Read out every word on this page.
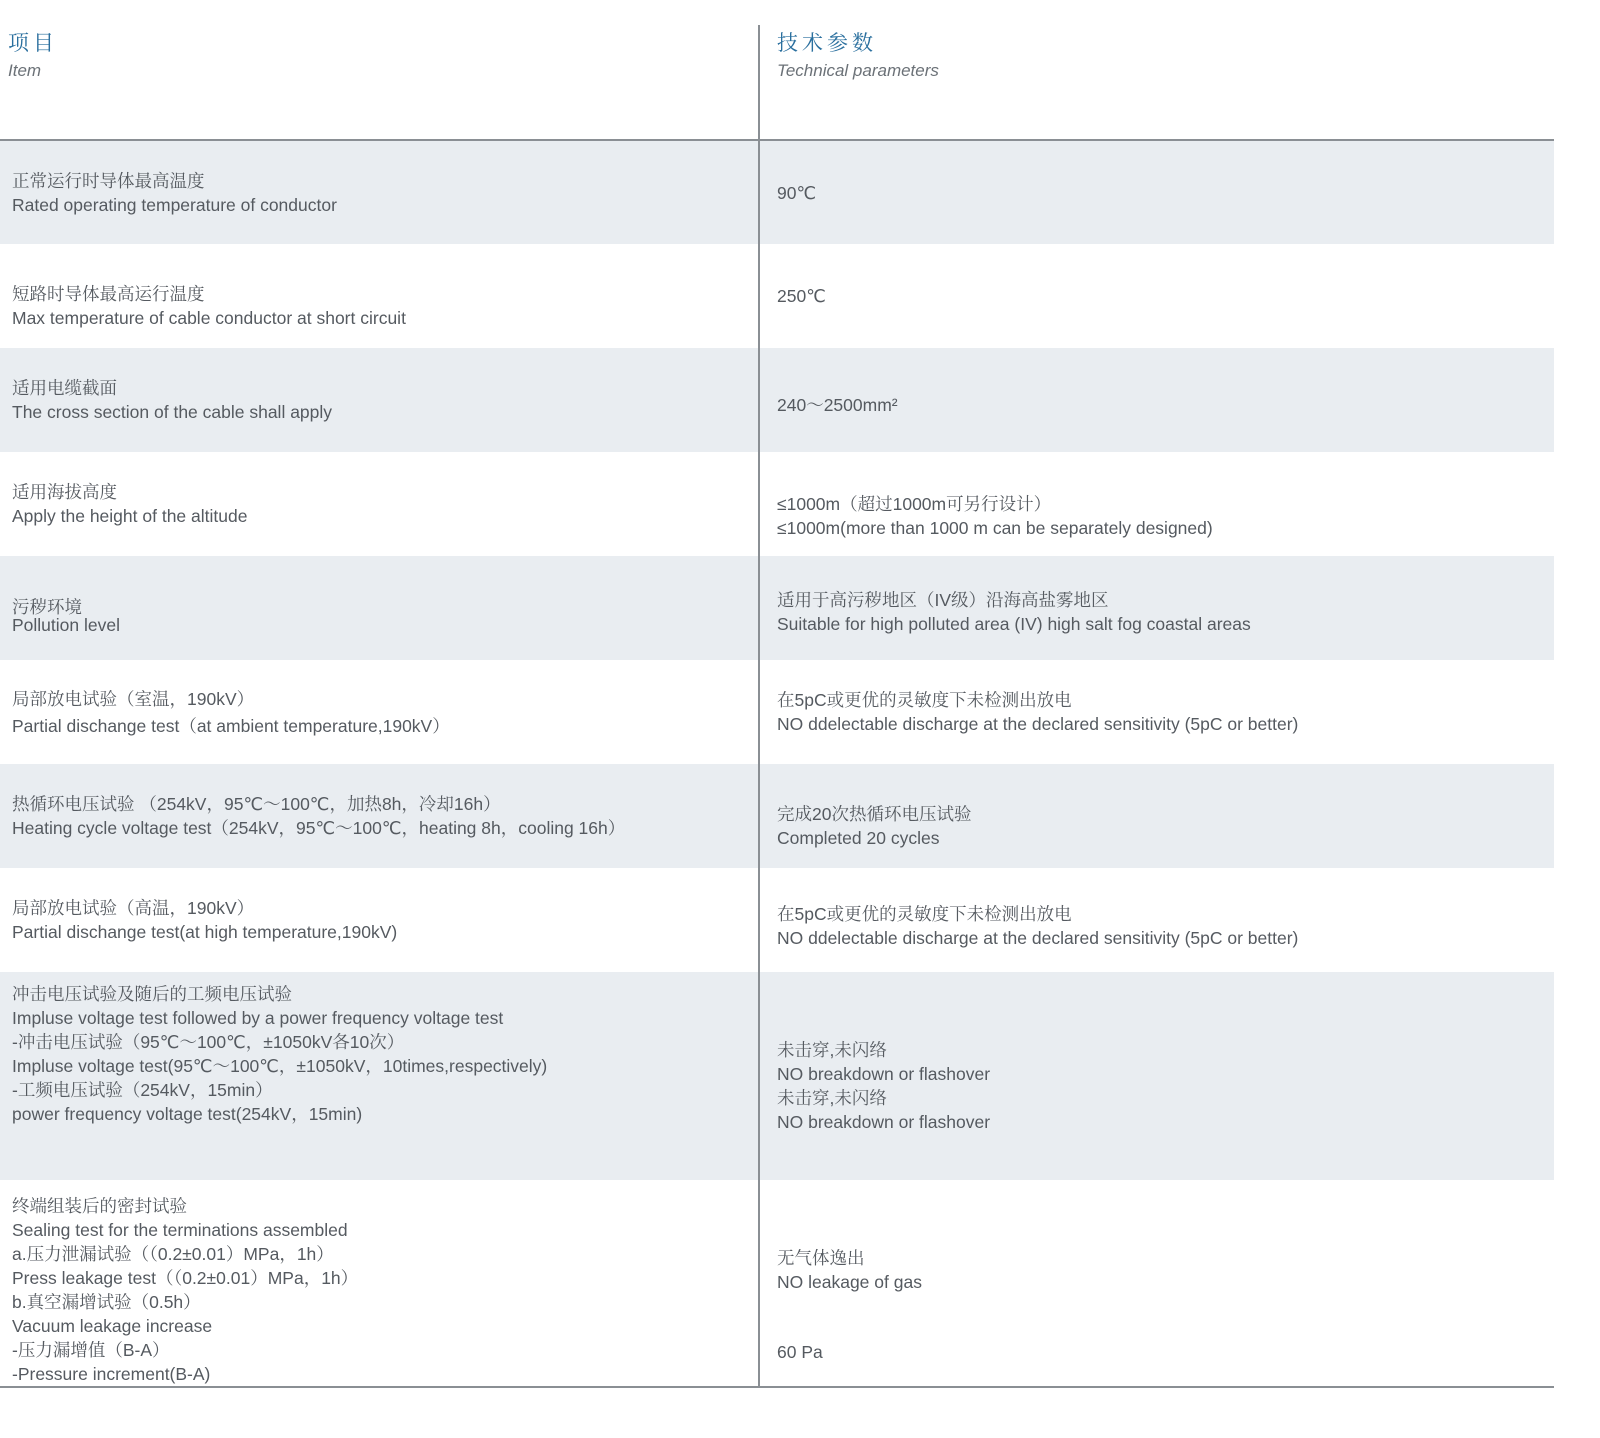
项目
Item
技术参数
Technical parameters
正常运行时导体最高温度
Rated operating temperature of conductor
90℃
短路时导体最高运行温度
Max temperature of cable conductor at short circuit
250℃
适用电缆截面
The cross section of the cable shall apply	240～2500mm²
适用海拔高度
Apply the height of the altitude
≤1000m（超过1000m可另行设计）
≤1000m(more than 1000 m can be separately designed)
污秽环境
Pollution level
适用于高污秽地区（IV级）沿海高盐雾地区
Suitable for high polluted area (IV) high salt fog coastal areas
局部放电试验（室温，190kV）
Partial dischange test（at ambient temperature,190kV）
在5pC或更优的灵敏度下未检测出放电
NO ddelectable discharge at the declared sensitivity (5pC or better)
热循环电压试验 （254kV，95℃～100℃，加热8h，冷却16h）
Heating cycle voltage test（254kV，95℃～100℃，heating 8h，cooling 16h）
完成20次热循环电压试验
Completed 20 cycles
局部放电试验（高温，190kV）
Partial dischange test(at high temperature,190kV)
在5pC或更优的灵敏度下未检测出放电
NO ddelectable discharge at the declared sensitivity (5pC or better)
冲击电压试验及随后的工频电压试验
Impluse voltage test followed by a power frequency voltage test
-冲击电压试验（95℃～100℃，±1050kV各10次）
Impluse voltage test(95℃～100℃，±1050kV，10times,respectively)
-工频电压试验（254kV，15min）
power frequency voltage test(254kV，15min)
未击穿,未闪络
NO breakdown or flashover
未击穿,未闪络
NO breakdown or flashover
终端组装后的密封试验
Sealing test for the terminations assembled
a.压力泄漏试验（（0.2±0.01）MPa，1h）
Press leakage test（（0.2±0.01）MPa，1h）
b.真空漏增试验（0.5h）
Vacuum leakage increase
-压力漏增值（B-A）
-Pressure increment(B-A)
无气体逸出
NO leakage of gas
60 Pa
